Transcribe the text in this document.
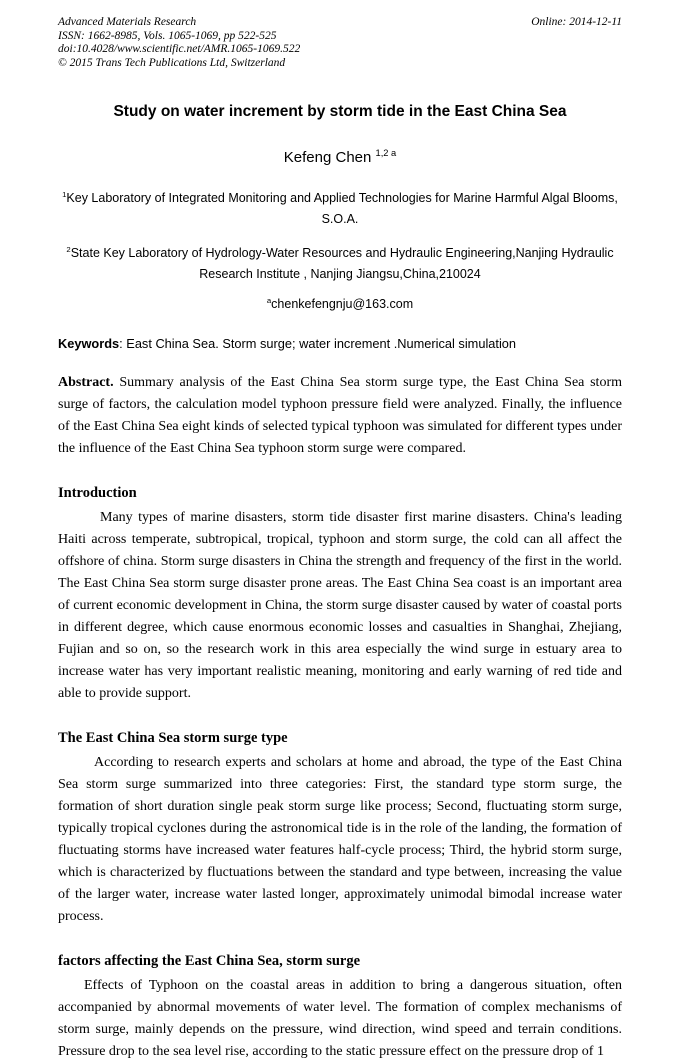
Advanced Materials Research
ISSN: 1662-8985, Vols. 1065-1069, pp 522-525
doi:10.4028/www.scientific.net/AMR.1065-1069.522
© 2015 Trans Tech Publications Ltd, Switzerland
Online: 2014-12-11
Study on water increment by storm tide in the East China Sea
Kefeng Chen $^{1,2 a}$
$^1$Key Laboratory of Integrated Monitoring and Applied Technologies for Marine Harmful Algal Blooms, S.O.A.
$^2$State Key Laboratory of Hydrology-Water Resources and Hydraulic Engineering,Nanjing Hydraulic Research Institute , Nanjing Jiangsu,China,210024
$^a$chenkefengnju@163.com
Keywords: East China Sea. Storm surge; water increment .Numerical simulation
Abstract. Summary analysis of the East China Sea storm surge type, the East China Sea storm surge of factors, the calculation model typhoon pressure field were analyzed. Finally, the influence of the East China Sea eight kinds of selected typical typhoon was simulated for different types under the influence of the East China Sea typhoon storm surge were compared.
Introduction
Many types of marine disasters, storm tide disaster first marine disasters. China's leading Haiti across temperate, subtropical, tropical, typhoon and storm surge, the cold can all affect the offshore of china. Storm surge disasters in China the strength and frequency of the first in the world. The East China Sea storm surge disaster prone areas. The East China Sea coast is an important area of current economic development in China, the storm surge disaster caused by water of coastal ports in different degree, which cause enormous economic losses and casualties in Shanghai, Zhejiang, Fujian and so on, so the research work in this area especially the wind surge in estuary area to increase water has very important realistic meaning, monitoring and early warning of red tide and able to provide support.
The East China Sea storm surge type
According to research experts and scholars at home and abroad, the type of the East China Sea storm surge summarized into three categories: First, the standard type storm surge, the formation of short duration single peak storm surge like process; Second, fluctuating storm surge, typically tropical cyclones during the astronomical tide is in the role of the landing, the formation of fluctuating storms have increased water features half-cycle process; Third, the hybrid storm surge, which is characterized by fluctuations between the standard and type between, increasing the value of the larger water, increase water lasted longer, approximately unimodal bimodal increase water process.
factors affecting the East China Sea, storm surge
Effects of Typhoon on the coastal areas in addition to bring a dangerous situation, often accompanied by abnormal movements of water level. The formation of complex mechanisms of storm surge, mainly depends on the pressure, wind direction, wind speed and terrain conditions. Pressure drop to the sea level rise, according to the static pressure effect on the pressure drop of 1
